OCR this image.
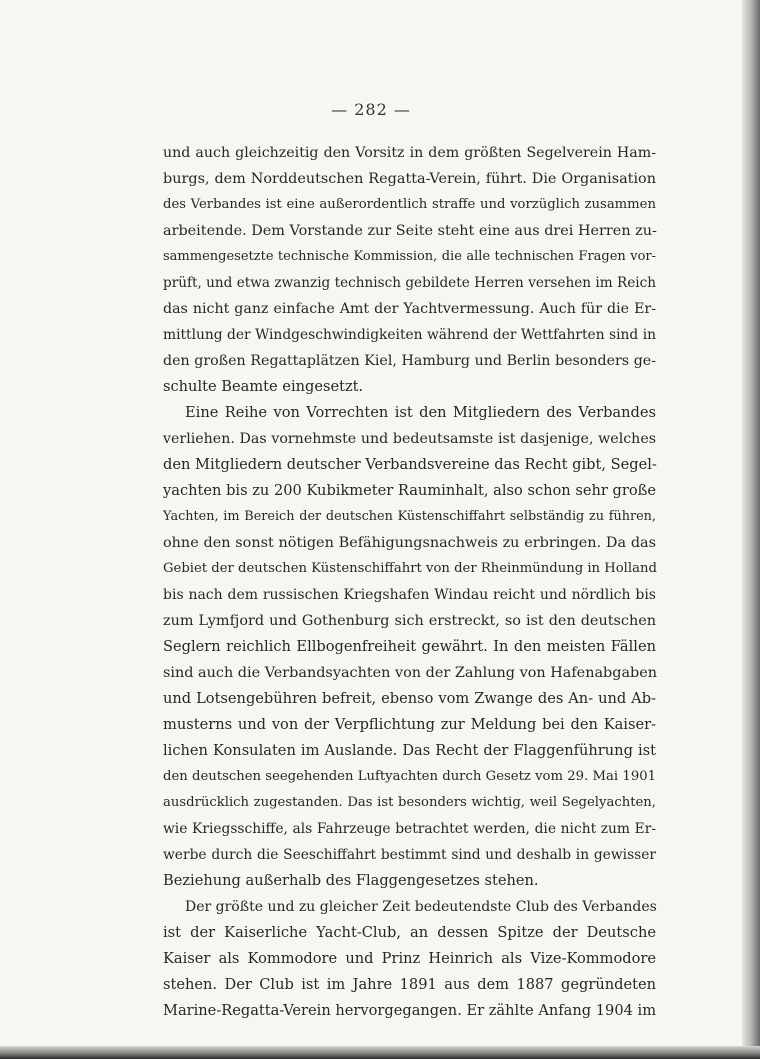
— 282 —
und auch gleichzeitig den Vorsitz in dem größten Segelverein Ham-
burgs, dem Norddeutschen Regatta-Verein, führt. Die Organisation
des Verbandes ist eine außerordentlich straffe und vorzüglich zusammen
arbeitende. Dem Vorstande zur Seite steht eine aus drei Herren zu-
sammengesetzte technische Kommission, die alle technischen Fragen vor-
prüft, und etwa zwanzig technisch gebildete Herren versehen im Reich
das nicht ganz einfache Amt der Yachtvermessung. Auch für die Er-
mittlung der Windgeschwindigkeiten während der Wettfahrten sind in
den großen Regattaplätzen Kiel, Hamburg und Berlin besonders ge-
schulte Beamte eingesetzt.
Eine Reihe von Vorrechten ist den Mitgliedern des Verbandes
verliehen. Das vornehmste und bedeutsamste ist dasjenige, welches
den Mitgliedern deutscher Verbandsvereine das Recht gibt, Segel-
yachten bis zu 200 Kubikmeter Rauminhalt, also schon sehr große
Yachten, im Bereich der deutschen Küstenschiffahrt selbständig zu führen,
ohne den sonst nötigen Befähigungsnachweis zu erbringen. Da das
Gebiet der deutschen Küstenschiffahrt von der Rheinmündung in Holland
bis nach dem russischen Kriegshafen Windau reicht und nördlich bis
zum Lymfjord und Gothenburg sich erstreckt, so ist den deutschen
Seglern reichlich Ellbogenfreiheit gewährt. In den meisten Fällen
sind auch die Verbandsyachten von der Zahlung von Hafenabgaben
und Lotsengebühren befreit, ebenso vom Zwange des An- und Ab-
musterns und von der Verpflichtung zur Meldung bei den Kaiser-
lichen Konsulaten im Auslande. Das Recht der Flaggenführung ist
den deutschen seegehenden Luftyachten durch Gesetz vom 29. Mai 1901
ausdrücklich zugestanden. Das ist besonders wichtig, weil Segelyachten,
wie Kriegsschiffe, als Fahrzeuge betrachtet werden, die nicht zum Er-
werbe durch die Seeschiffahrt bestimmt sind und deshalb in gewisser
Beziehung außerhalb des Flaggengesetzes stehen.
Der größte und zu gleicher Zeit bedeutendste Club des Verbandes
ist der Kaiserliche Yacht-Club, an dessen Spitze der Deutsche
Kaiser als Kommodore und Prinz Heinrich als Vize-Kommodore
stehen. Der Club ist im Jahre 1891 aus dem 1887 gegründeten
Marine-Regatta-Verein hervorgegangen. Er zählte Anfang 1904 im
